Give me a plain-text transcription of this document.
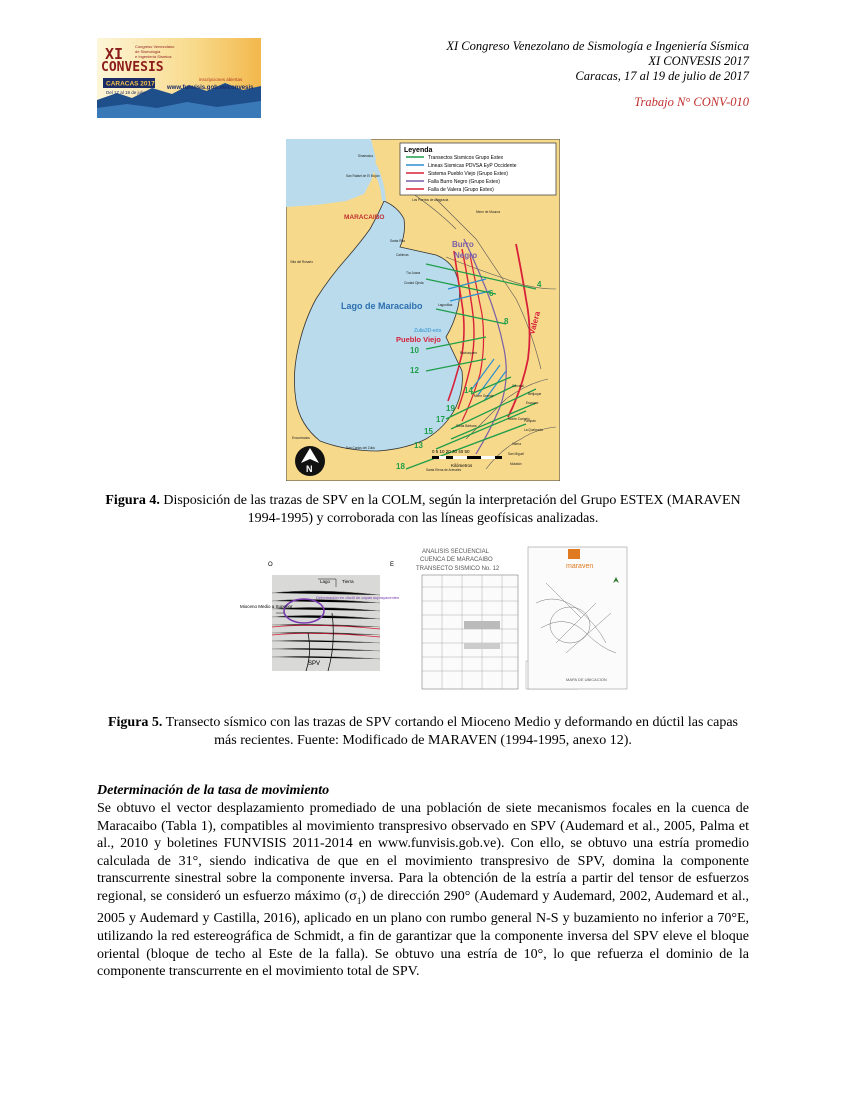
XI
CONVESIS
Congreso Venezolano
de Sismología
e Ingeniería Sísmica
CARACAS 2017
Del 17 al 19 de julio
inscripciones abiertas
www.funvisis.gob.ve/convesis
XI Congreso Venezolano de Sismología e Ingeniería Sísmica
XI CONVESIS 2017
Caracas, 17 al 19 de julio de 2017
Trabajo N° CONV-010
Leyenda
Transectos Sismicos Grupo Estex
Lineas Sismicas PDVSA EyP Occidente
Sistema Pueblo Viejo (Grupo Estex)
Falla Burro Negro (Grupo Estex)
Falla de Valera (Grupo Estex)
MARACAIBO
Lago de Maracaibo
Burro
Negro
Valera
Pueblo Viejo
Zulia3D-erio
4
6
8
10
12
14
19
17
15
13
18
Sinamaica
San Rafael de El Moján
Los Puertos de Altagracia
Mene de Mauroa
Santa Rita
Cabimas
Villa del Rosario
Tía Juana
Ciudad Ojeda
Lagunillas
Bachaquero
Mene Grande
Encontrados
San Carlos del Zulia
Santa Bárbara
Carvajal
Betijoque
Escuque
Monte Carmelo
Pampán
La Quebrada
Valera
Santa Elena de Arenales
San Miguel
Motatán
0 5 10 20 30 40 50
Kilómetros
N
Figura 4. Disposición de las trazas de SPV en la COLM, según la interpretación del Grupo ESTEX (MARAVEN 1994-1995) y corroborada con las líneas geofísicas analizadas.
O	E
Lago	Tierra
Mioceno Medio a Superior
Deformación en dúctil de capas suprayacentes
SPV
ANALISIS SECUENCIAL
CUENCA DE MARACAIBO
TRANSECTO SISMICO No. 12	maraven
MAPA DE UBICACION
Figura 5. Transecto sísmico con las trazas de SPV cortando el Mioceno Medio y deformando en dúctil las capas más recientes. Fuente: Modificado de MARAVEN (1994-1995, anexo 12).
Determinación de la tasa de movimiento
Se obtuvo el vector desplazamiento promediado de una población de siete mecanismos focales en la cuenca de Maracaibo (Tabla 1), compatibles al movimiento transpresivo observado en SPV (Audemard et al., 2005, Palma et al., 2010 y boletines FUNVISIS 2011-2014 en www.funvisis.gob.ve). Con ello, se obtuvo una estría promedio calculada de 31°, siendo indicativa de que en el movimiento transpresivo de SPV, domina la componente transcurrente sinestral sobre la componente inversa. Para la obtención de la estría a partir del tensor de esfuerzos regional, se consideró un esfuerzo máximo $(\sigma_1)$ de dirección 290° (Audemard y Audemard, 2002, Audemard et al., 2005 y Audemard y Castilla, 2016), aplicado en un plano con rumbo general N-S y buzamiento no inferior a 70°E, utilizando la red estereográfica de Schmidt, a fin de garantizar que la componente inversa del SPV eleve el bloque oriental (bloque de techo al Este de la falla). Se obtuvo una estría de 10°, lo que refuerza el dominio de la componente transcurrente en el movimiento total de SPV.
